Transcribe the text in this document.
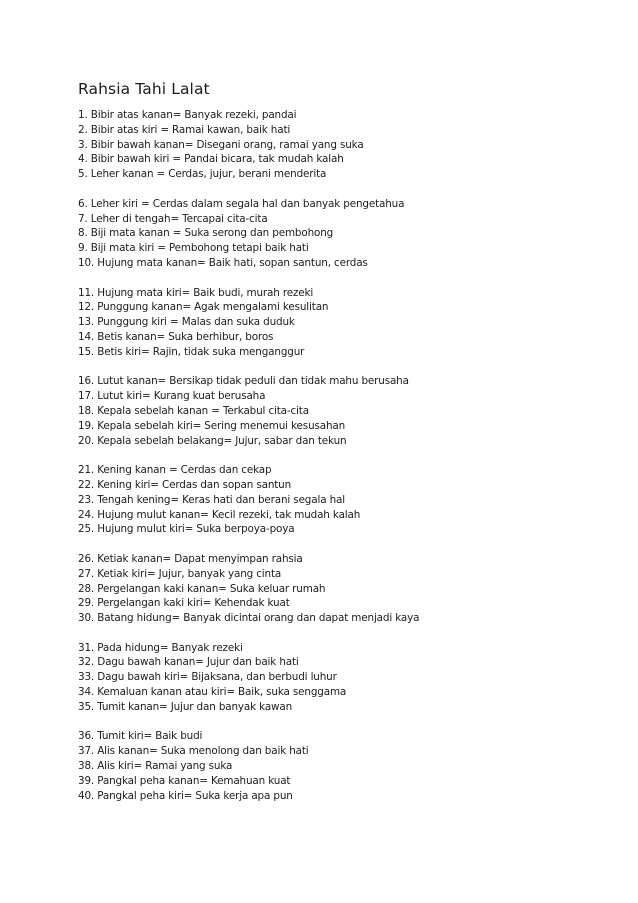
Rahsia Tahi Lalat
1. Bibir atas kanan= Banyak rezeki, pandai
2. Bibir atas kiri = Ramai kawan, baik hati
3. Bibir bawah kanan= Disegani orang, ramai yang suka
4. Bibir bawah kiri = Pandai bicara, tak mudah kalah
5. Leher kanan = Cerdas, jujur, berani menderita
6. Leher kiri = Cerdas dalam segala hal dan banyak pengetahua
7. Leher di tengah= Tercapai cita-cita
8. Biji mata kanan = Suka serong dan pembohong
9. Biji mata kiri = Pembohong tetapi baik hati
10. Hujung mata kanan= Baik hati, sopan santun, cerdas
11. Hujung mata kiri= Baik budi, murah rezeki
12. Punggung kanan= Agak mengalami kesulitan
13. Punggung kiri = Malas dan suka duduk
14. Betis kanan= Suka berhibur, boros
15. Betis kiri= Rajin, tidak suka menganggur
16. Lutut kanan= Bersikap tidak peduli dan tidak mahu berusaha
17. Lutut kiri= Kurang kuat berusaha
18. Kepala sebelah kanan = Terkabul cita-cita
19. Kepala sebelah kiri= Sering menemui kesusahan
20. Kepala sebelah belakang= Jujur, sabar dan tekun
21. Kening kanan = Cerdas dan cekap
22. Kening kiri= Cerdas dan sopan santun
23. Tengah kening= Keras hati dan berani segala hal
24. Hujung mulut kanan= Kecil rezeki, tak mudah kalah
25. Hujung mulut kiri= Suka berpoya-poya
26. Ketiak kanan= Dapat menyimpan rahsia
27. Ketiak kiri= Jujur, banyak yang cinta
28. Pergelangan kaki kanan= Suka keluar rumah
29. Pergelangan kaki kiri= Kehendak kuat
30. Batang hidung= Banyak dicintai orang dan dapat menjadi kaya
31. Pada hidung= Banyak rezeki
32. Dagu bawah kanan= Jujur dan baik hati
33. Dagu bawah kiri= Bijaksana, dan berbudi luhur
34. Kemaluan kanan atau kiri= Baik, suka senggama
35. Tumit kanan= Jujur dan banyak kawan
36. Tumit kiri= Baik budi
37. Alis kanan= Suka menolong dan baik hati
38. Alis kiri= Ramai yang suka
39. Pangkal peha kanan= Kemahuan kuat
40. Pangkal peha kiri= Suka kerja apa pun
